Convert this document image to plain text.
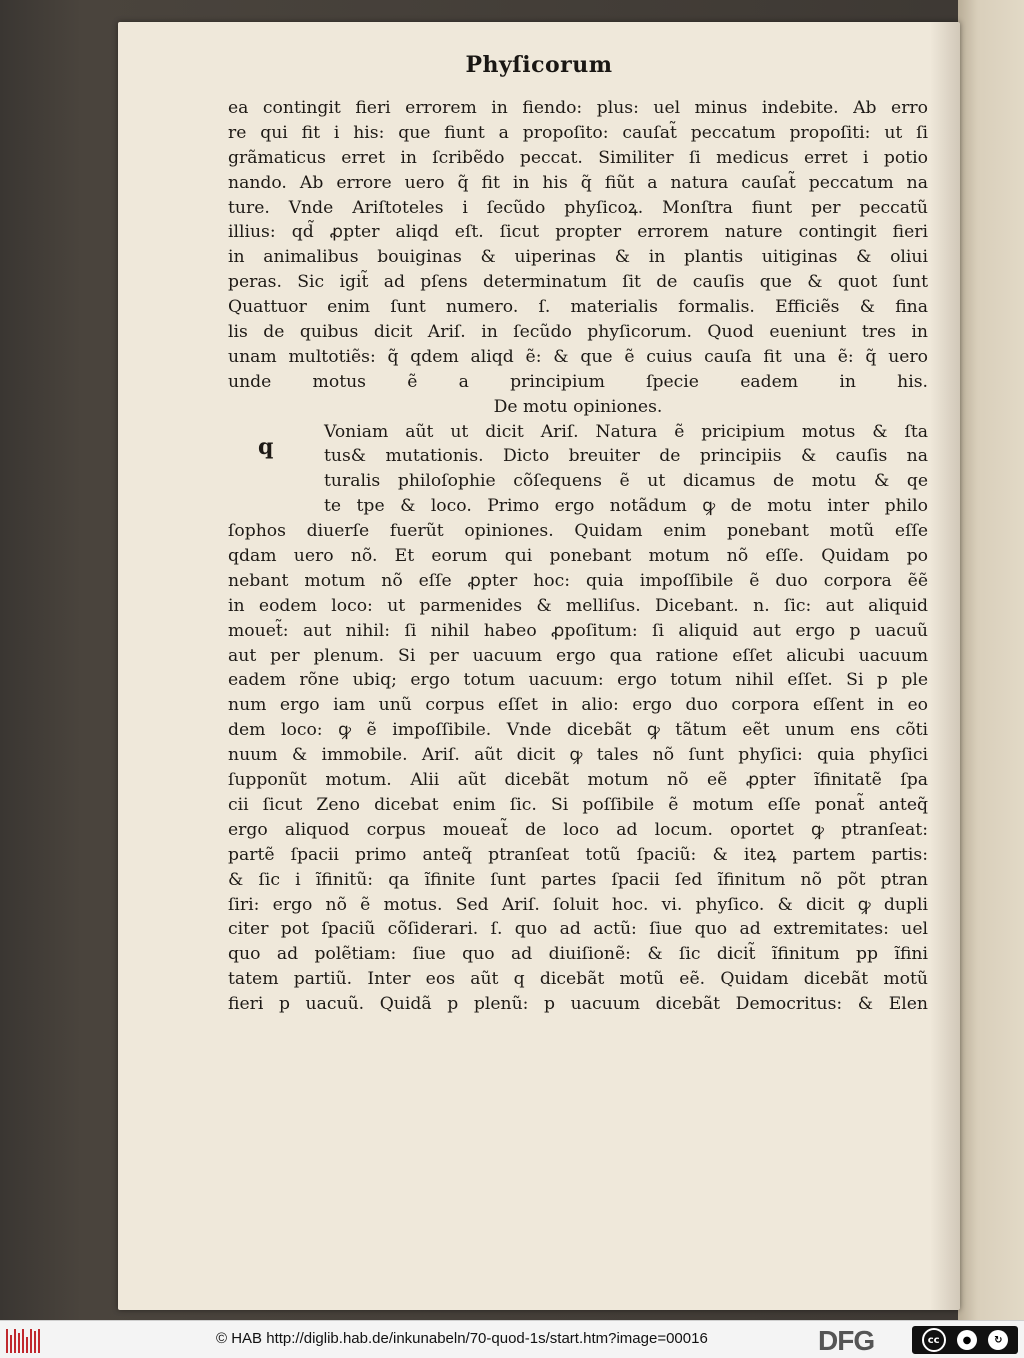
Phyſicorum
ea contingit fieri errorem in fiendo: plus: uel minus indebite. Ab erro
re qui fit i his: que fiunt a propoſito: cauſat̃ peccatum propoſiti: ut ſi
grãmaticus erret in ſcribẽdo peccat. Similiter ſi medicus erret i potio
nando. Ab errore uero q̃ fit in his q̃ fiũt a natura cauſat̃ peccatum na
ture. Vnde Ariſtoteles i ſecũdo phyſicoꝝ. Monſtra fiunt per peccatũ
illius: qd̃ ꝓpter aliqd eſt. ſicut propter errorem nature contingit fieri
in animalibus bouiginas & uiperinas & in plantis uitiginas & oliui
peras. Sic igit̃ ad pſens determinatum ſit de cauſis que & quot ſunt
Quattuor enim ſunt numero. ſ. materialis formalis. Efficiẽs & fina
lis de quibus dicit Ariſ. in ſecũdo phyſicorum. Quod eueniunt tres in
unam multotiẽs: q̃ qdem aliqd ẽ: & que ẽ cuius cauſa fit una ẽ: q̃ uero
unde motus ẽ a principium ſpecie eadem in his.
De motu opiniones.
Voniam aũt ut dicit Ariſ. Natura ẽ pricipium motus & ſta
tus& mutationis. Dicto breuiter de principiis & cauſis na
turalis philoſophie cõſequens ẽ ut dicamus de motu & qe
te tpe & loco. Primo ergo notãdum ꝙ de motu inter philo
ſophos diuerſe fuerũt opiniones. Quidam enim ponebant motũ eſſe
qdam uero nõ. Et eorum qui ponebant motum nõ eſſe. Quidam po
nebant motum nõ eſſe ꝓpter hoc: quia impoſſibile ẽ duo corpora ẽẽ
in eodem loco: ut parmenides & melliſus. Dicebant. n. ſic: aut aliquid
mouet̃: aut nihil: ſi nihil habeo ꝓpoſitum: ſi aliquid aut ergo p uacuũ
aut per plenum. Si per uacuum ergo qua ratione eſſet alicubi uacuum
eadem rõne ubiq; ergo totum uacuum: ergo totum nihil eſſet. Si p ple
num ergo iam unũ corpus eſſet in alio: ergo duo corpora eſſent in eo
dem loco: ꝙ ẽ impoſſibile. Vnde dicebãt ꝙ tãtum eẽt unum ens cõti
nuum & immobile. Ariſ. aũt dicit ꝙ tales nõ ſunt phyſici: quia phyſici
ſupponũt motum. Alii aũt dicebãt motum nõ eẽ ꝓpter ĩfinitatẽ ſpa
cii ſicut Zeno dicebat enim ſic. Si poſſibile ẽ motum eſſe ponat̃ anteq̃
ergo aliquod corpus moueat̃ de loco ad locum. oportet ꝙ ptranſeat:
partẽ ſpacii primo anteq̃ ptranſeat totũ ſpaciũ: & iteꝝ partem partis:
& ſic i ĩfinitũ: qa ĩfinite ſunt partes ſpacii ſed ĩfinitum nõ põt ptran
ſiri: ergo nõ ẽ motus. Sed Ariſ. ſoluit hoc. vi. phyſico. & dicit ꝙ dupli
citer pot ſpaciũ cõſiderari. ſ. quo ad actũ: ſiue quo ad extremitates: uel
quo ad polẽtiam: ſiue quo ad diuiſionẽ: & ſic dicit̃ ĩfinitum pp ĩfini
tatem partiũ. Inter eos aũt q dicebãt motũ eẽ. Quidam dicebãt motũ
fieri p uacuũ. Quidã p plenũ: p uacuum dicebãt Democritus: & Elen
q
© HAB http://diglib.hab.de/inkunabeln/70-quod-1s/start.htm?image=00016	DFG	cc	●	↻
